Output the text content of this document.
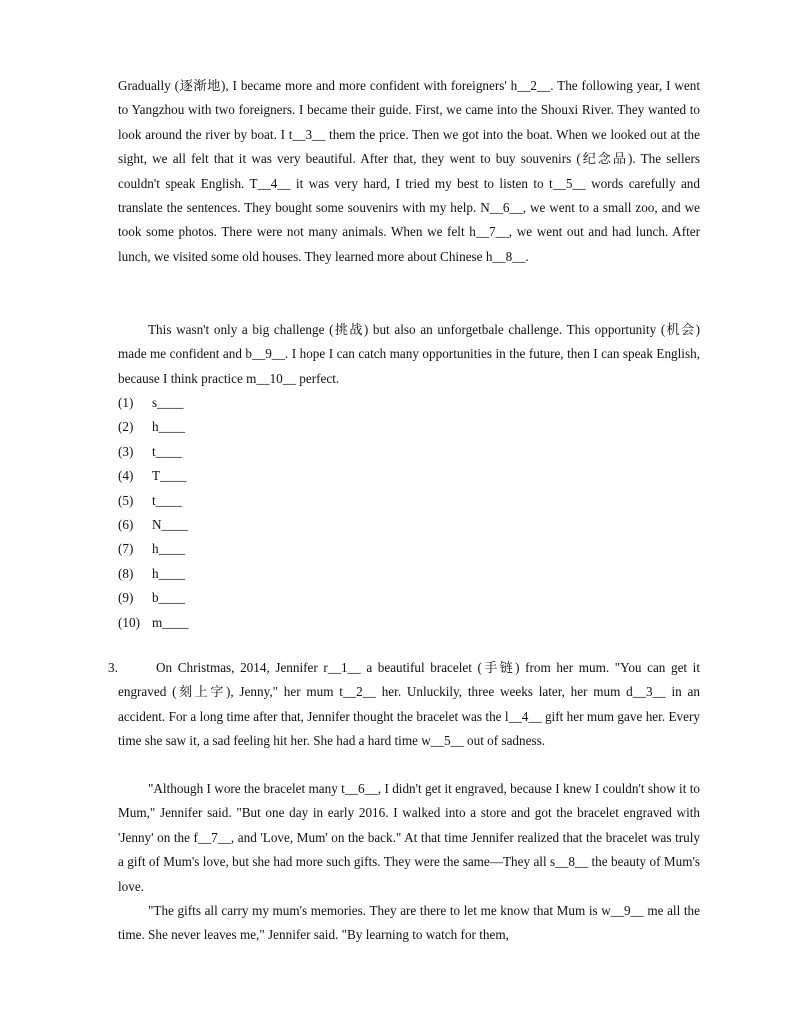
Gradually (逐渐地), I became more and more confident with foreigners' h__2__. The following year, I went to Yangzhou with two foreigners. I became their guide. First, we came into the Shouxi River. They wanted to look around the river by boat. I t__3__ them the price. Then we got into the boat. When we looked out at the sight, we all felt that it was very beautiful. After that, they went to buy souvenirs (纪念品). The sellers couldn't speak English. T__4__ it was very hard, I tried my best to listen to t__5__ words carefully and translate the sentences. They bought some souvenirs with my help. N__6__, we went to a small zoo, and we took some photos. There were not many animals. When we felt h__7__, we went out and had lunch. After lunch, we visited some old houses. They learned more about Chinese h__8__.

This wasn't only a big challenge (挑战) but also an unforgetbale challenge. This opportunity (机会) made me confident and b__9__. I hope I can catch many opportunities in the future, then I can speak English, because I think practice m__10__ perfect.

(1) s____
(2) h____
(3) t____
(4) T____
(5) t____
(6) N____
(7) h____
(8) h____
(9) b____
(10) m____
3.	On Christmas, 2014, Jennifer r__1__ a beautiful bracelet (手链) from her mum. "You can get it engraved (刻上字), Jenny," her mum t__2__ her. Unluckily, three weeks later, her mum d__3__ in an accident. For a long time after that, Jennifer thought the bracelet was the l__4__ gift her mum gave her. Every time she saw it, a sad feeling hit her. She had a hard time w__5__ out of sadness.

"Although I wore the bracelet many t__6__, I didn't get it engraved, because I knew I couldn't show it to Mum," Jennifer said. "But one day in early 2016. I walked into a store and got the bracelet engraved with 'Jenny' on the f__7__, and 'Love, Mum' on the back." At that time Jennifer realized that the bracelet was truly a gift of Mum's love, but she had more such gifts. They were the same—They all s__8__ the beauty of Mum's love.

"The gifts all carry my mum's memories. They are there to let me know that Mum is w__9__ me all the time. She never leaves me," Jennifer said. "By learning to watch for them,
